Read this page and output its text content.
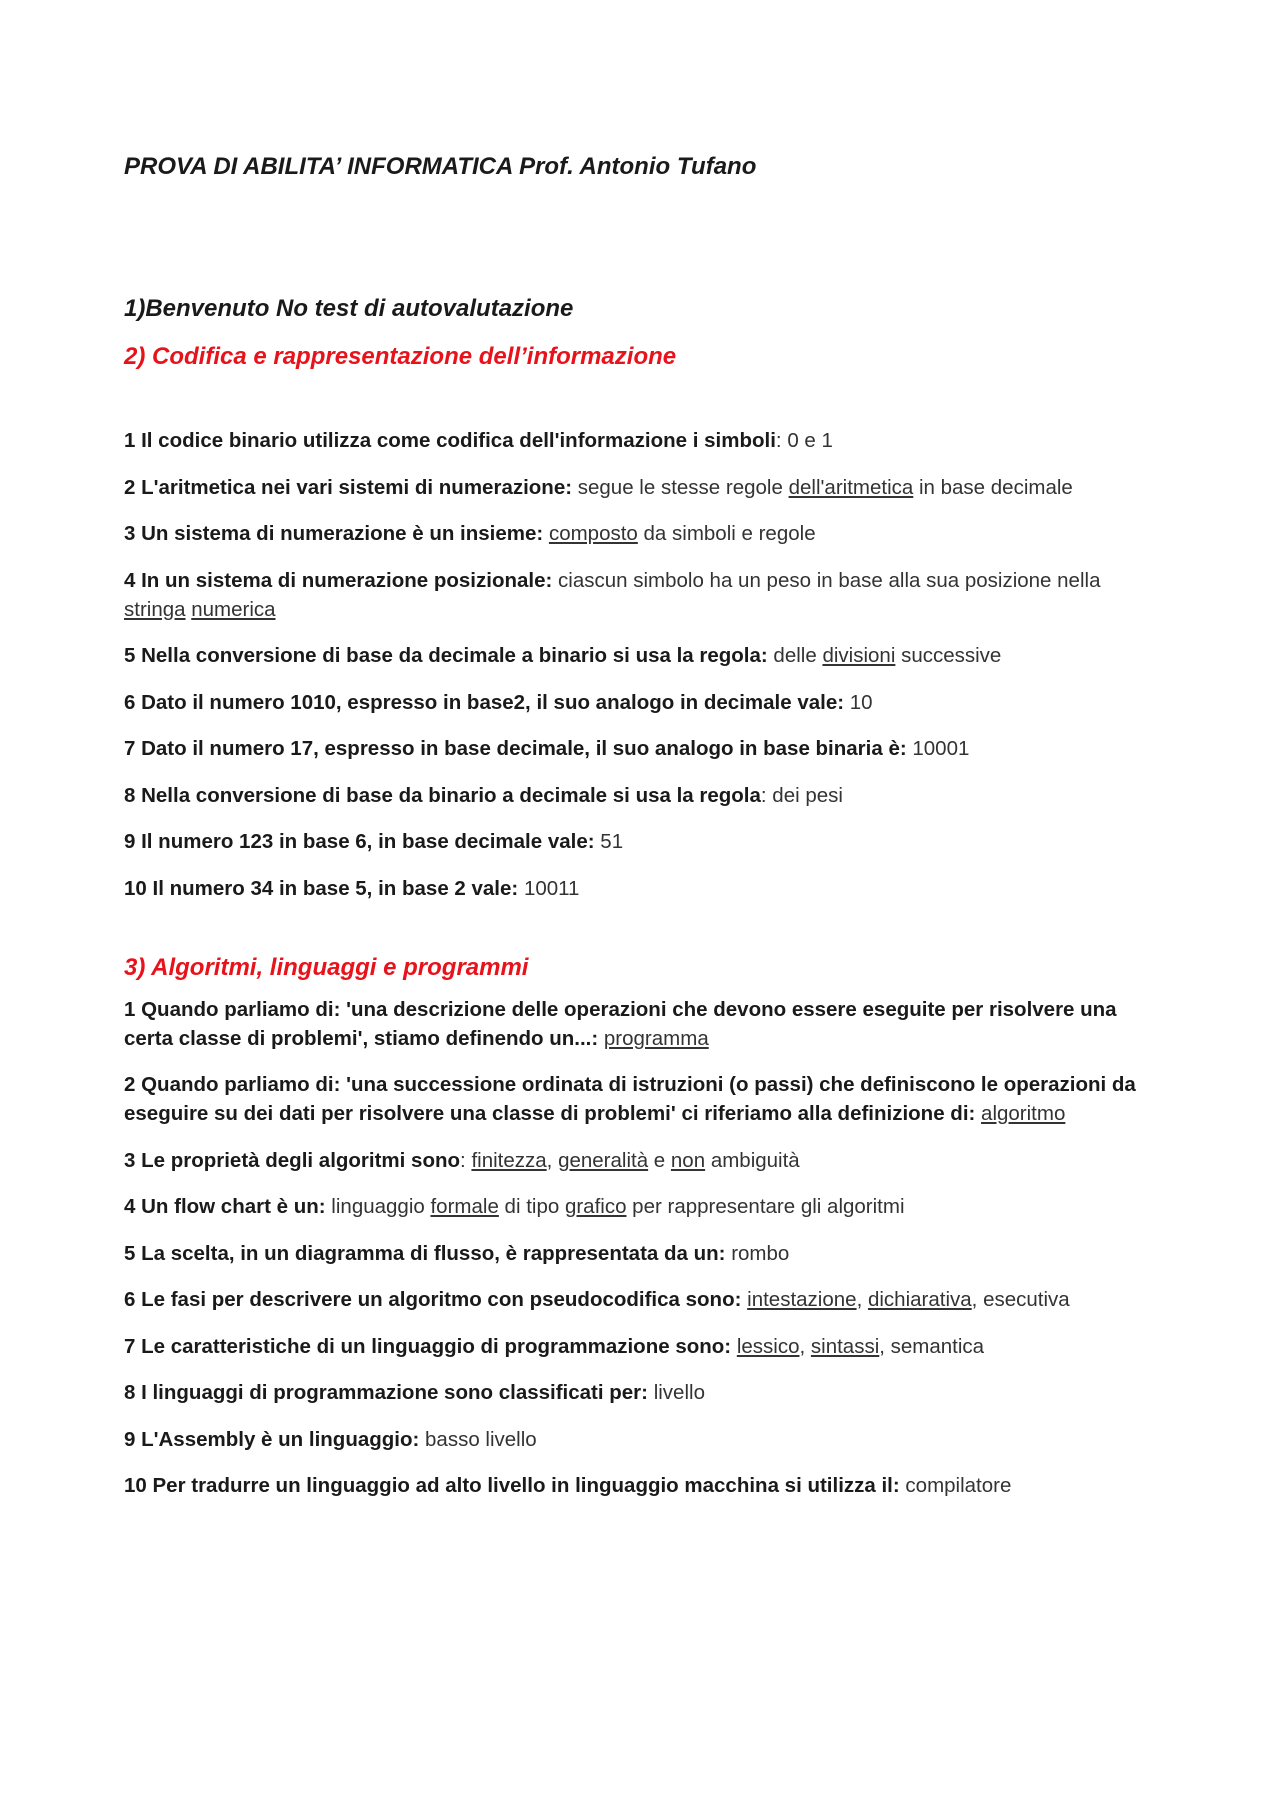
PROVA DI ABILITA’ INFORMATICA Prof. Antonio Tufano
1)Benvenuto No test di autovalutazione
2) Codifica e rappresentazione dell’informazione

1 Il codice binario utilizza come codifica dell'informazione i simboli: 0 e 1

2 L'aritmetica nei vari sistemi di numerazione: segue le stesse regole dell'aritmetica in base decimale

3 Un sistema di numerazione è un insieme: composto da simboli e regole

4 In un sistema di numerazione posizionale: ciascun simbolo ha un peso in base alla sua posizione nella stringa numerica

5 Nella conversione di base da decimale a binario si usa la regola: delle divisioni successive

6 Dato il numero 1010, espresso in base2, il suo analogo in decimale vale: 10

7 Dato il numero 17, espresso in base decimale, il suo analogo in base binaria è: 10001

8 Nella conversione di base da binario a decimale si usa la regola: dei pesi

9 Il numero 123 in base 6, in base decimale vale: 51

10 Il numero 34 in base 5, in base 2 vale: 10011

3) Algoritmi, linguaggi e programmi

1 Quando parliamo di: 'una descrizione delle operazioni che devono essere eseguite per risolvere una certa classe di problemi', stiamo definendo un...: programma

2 Quando parliamo di: 'una successione ordinata di istruzioni (o passi) che definiscono le operazioni da eseguire su dei dati per risolvere una classe di problemi' ci riferiamo alla definizione di: algoritmo

3 Le proprietà degli algoritmi sono: finitezza, generalità e non ambiguità

4 Un flow chart è un: linguaggio formale di tipo grafico per rappresentare gli algoritmi

5 La scelta, in un diagramma di flusso, è rappresentata da un: rombo

6 Le fasi per descrivere un algoritmo con pseudocodifica sono: intestazione, dichiarativa, esecutiva

7 Le caratteristiche di un linguaggio di programmazione sono: lessico, sintassi, semantica

8 I linguaggi di programmazione sono classificati per: livello

9 L'Assembly è un linguaggio: basso livello

10 Per tradurre un linguaggio ad alto livello in linguaggio macchina si utilizza il: compilatore
